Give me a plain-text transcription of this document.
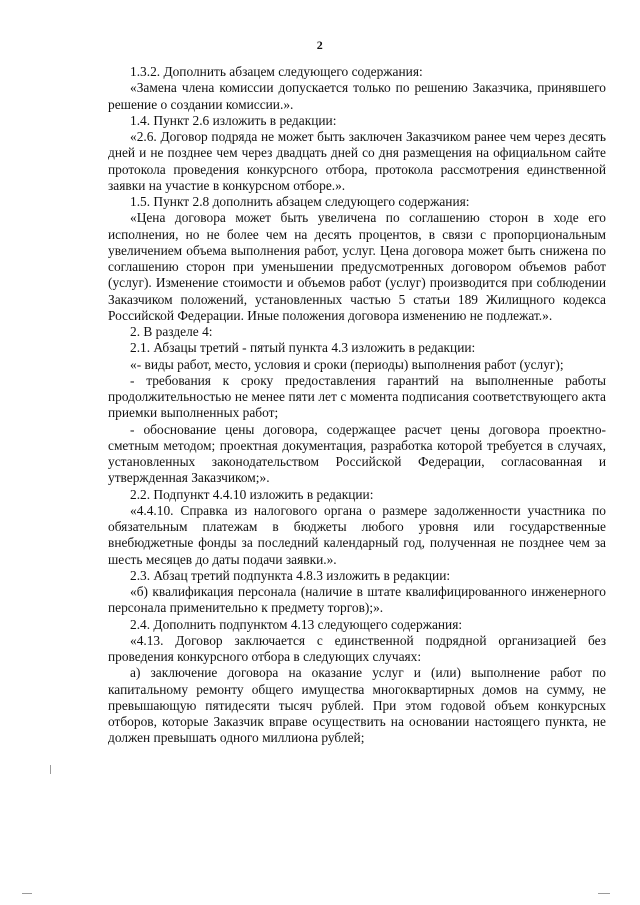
2

1.3.2. Дополнить абзацем следующего содержания:

«Замена члена комиссии допускается только по решению Заказчика, принявшего решение о создании комиссии.».

1.4. Пункт 2.6 изложить в редакции:

«2.6. Договор подряда не может быть заключен Заказчиком ранее чем через десять дней и не позднее чем через двадцать дней со дня размещения на официальном сайте протокола проведения конкурсного отбора, протокола рассмотрения единственной заявки на участие в конкурсном отборе.».

1.5. Пункт 2.8 дополнить абзацем следующего содержания:

«Цена договора может быть увеличена по соглашению сторон в ходе его исполнения, но не более чем на десять процентов, в связи с пропорциональным увеличением объема выполнения работ, услуг. Цена договора может быть снижена по соглашению сторон при уменьшении предусмотренных договором объемов работ (услуг). Изменение стоимости и объемов работ (услуг) производится при соблюдении Заказчиком положений, установленных частью 5 статьи 189 Жилищного кодекса Российской Федерации. Иные положения договора изменению не подлежат.».

2. В разделе 4:

2.1. Абзацы третий - пятый пункта 4.3 изложить в редакции:

«- виды работ, место, условия и сроки (периоды) выполнения работ (услуг);

- требования к сроку предоставления гарантий на выполненные работы продолжительностью не менее пяти лет с момента подписания соответствующего акта приемки выполненных работ;

- обоснование цены договора, содержащее расчет цены договора проектно-сметным методом; проектная документация, разработка которой требуется в случаях, установленных законодательством Российской Федерации, согласованная и утвержденная Заказчиком;».

2.2. Подпункт 4.4.10 изложить в редакции:

«4.4.10. Справка из налогового органа о размере задолженности участника по обязательным платежам в бюджеты любого уровня или государственные внебюджетные фонды за последний календарный год, полученная не позднее чем за шесть месяцев до даты подачи заявки.».

2.3. Абзац третий подпункта 4.8.3 изложить в редакции:

«б) квалификация персонала (наличие в штате квалифицированного инженерного персонала применительно к предмету торгов);».

2.4. Дополнить подпунктом 4.13 следующего содержания:

«4.13. Договор заключается с единственной подрядной организацией без проведения конкурсного отбора в следующих случаях:

а) заключение договора на оказание услуг и (или) выполнение работ по капитальному ремонту общего имущества многоквартирных домов на сумму, не превышающую пятидесяти тысяч рублей. При этом годовой объем конкурсных отборов, которые Заказчик вправе осуществить на основании настоящего пункта, не должен превышать одного миллиона рублей;
